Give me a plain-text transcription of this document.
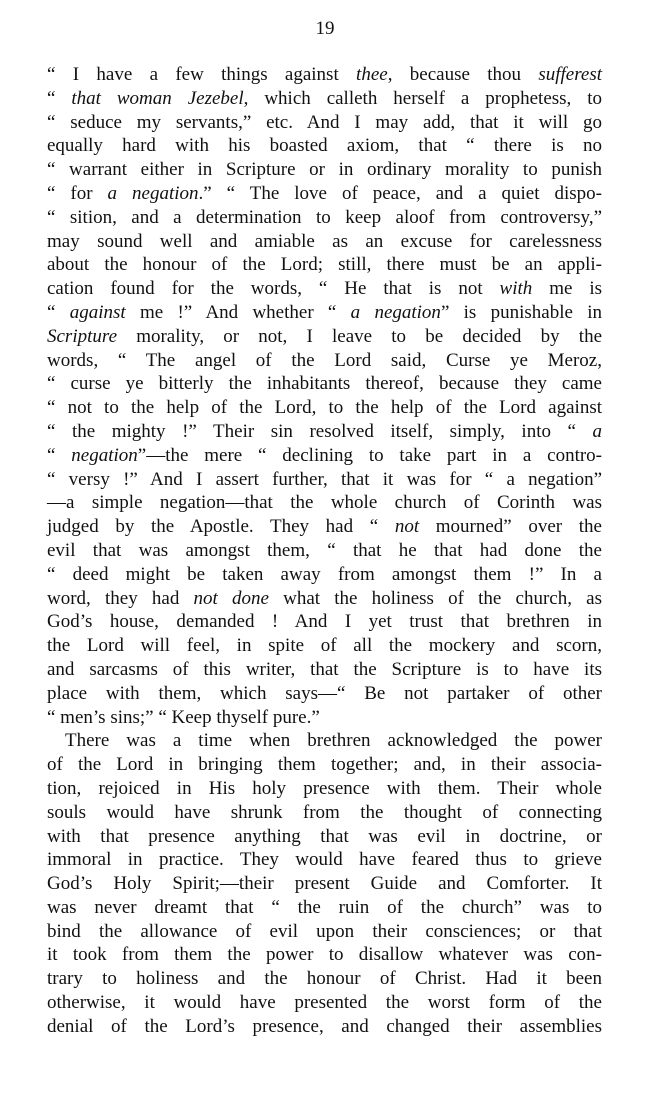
19
“ I have a few things against thee, because thou sufferest
“ that woman Jezebel, which calleth herself a prophetess, to
“ seduce my servants,” etc. And I may add, that it will go
equally hard with his boasted axiom, that “ there is no
“ warrant either in Scripture or in ordinary morality to punish
“ for a negation.” “ The love of peace, and a quiet dispo-
“ sition, and a determination to keep aloof from controversy,”
may sound well and amiable as an excuse for carelessness
about the honour of the Lord; still, there must be an appli-
cation found for the words, “ He that is not with me is
“ against me !” And whether “ a negation” is punishable in
Scripture morality, or not, I leave to be decided by the
words, “ The angel of the Lord said, Curse ye Meroz,
“ curse ye bitterly the inhabitants thereof, because they came
“ not to the help of the Lord, to the help of the Lord against
“ the mighty !” Their sin resolved itself, simply, into “ a
“ negation”—the mere “ declining to take part in a contro-
“ versy !” And I assert further, that it was for “ a negation”
—a simple negation—that the whole church of Corinth was
judged by the Apostle. They had “ not mourned” over the
evil that was amongst them, “ that he that had done the
“ deed might be taken away from amongst them !” In a
word, they had not done what the holiness of the church, as
God’s house, demanded ! And I yet trust that brethren in
the Lord will feel, in spite of all the mockery and scorn,
and sarcasms of this writer, that the Scripture is to have its
place with them, which says—“ Be not partaker of other
“ men’s sins;” “ Keep thyself pure.”
There was a time when brethren acknowledged the power
of the Lord in bringing them together; and, in their associa-
tion, rejoiced in His holy presence with them. Their whole
souls would have shrunk from the thought of connecting
with that presence anything that was evil in doctrine, or
immoral in practice. They would have feared thus to grieve
God’s Holy Spirit;—their present Guide and Comforter. It
was never dreamt that “ the ruin of the church” was to
bind the allowance of evil upon their consciences; or that
it took from them the power to disallow whatever was con-
trary to holiness and the honour of Christ. Had it been
otherwise, it would have presented the worst form of the
denial of the Lord’s presence, and changed their assemblies
